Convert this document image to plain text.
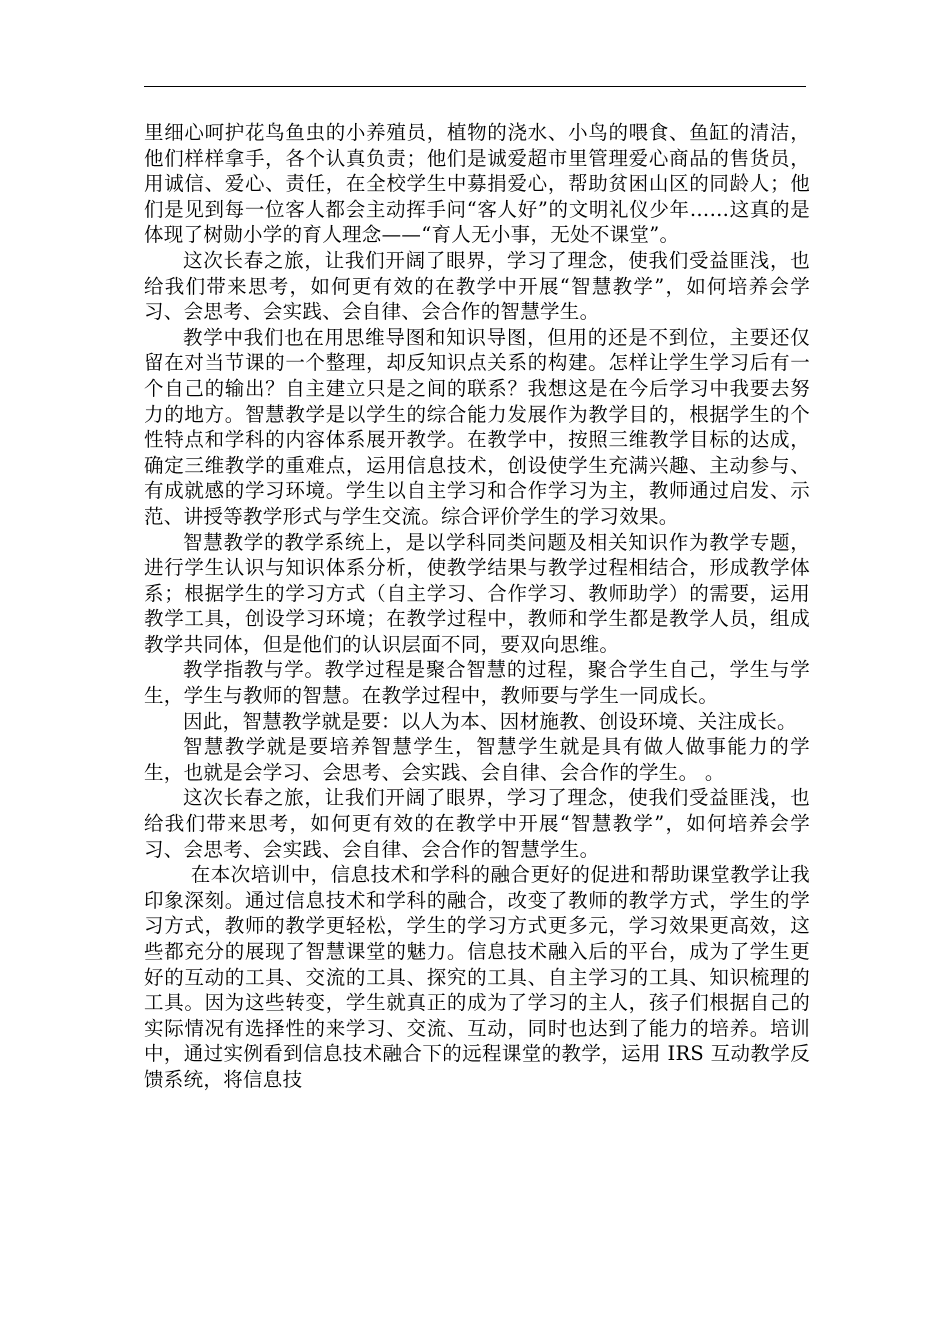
里细心呵护花鸟鱼虫的小养殖员，植物的浇水、小鸟的喂食、鱼缸的清洁，他们样样拿手，各个认真负责；他们是诚爱超市里管理爱心商品的售货员，用诚信、爱心、责任，在全校学生中募捐爱心，帮助贫困山区的同龄人；他们是见到每一位客人都会主动挥手问“客人好”的文明礼仪少年……这真的是体现了树勋小学的育人理念——“育人无小事，无处不课堂”。

这次长春之旅，让我们开阔了眼界，学习了理念，使我们受益匪浅，也给我们带来思考，如何更有效的在教学中开展“智慧教学”，如何培养会学习、会思考、会实践、会自律、会合作的智慧学生。

教学中我们也在用思维导图和知识导图，但用的还是不到位，主要还仅留在对当节课的一个整理，却反知识点关系的构建。怎样让学生学习后有一个自己的输出？自主建立只是之间的联系？我想这是在今后学习中我要去努力的地方。智慧教学是以学生的综合能力发展作为教学目的，根据学生的个性特点和学科的内容体系展开教学。在教学中，按照三维教学目标的达成，确定三维教学的重难点，运用信息技术，创设使学生充满兴趣、主动参与、有成就感的学习环境。学生以自主学习和合作学习为主，教师通过启发、示范、讲授等教学形式与学生交流。综合评价学生的学习效果。

智慧教学的教学系统上，是以学科同类问题及相关知识作为教学专题，进行学生认识与知识体系分析，使教学结果与教学过程相结合，形成教学体系；根据学生的学习方式（自主学习、合作学习、教师助学）的需要，运用教学工具，创设学习环境；在教学过程中，教师和学生都是教学人员，组成教学共同体，但是他们的认识层面不同，要双向思维。

教学指教与学。教学过程是聚合智慧的过程，聚合学生自己，学生与学生，学生与教师的智慧。在教学过程中，教师要与学生一同成长。

因此，智慧教学就是要：以人为本、因材施教、创设环境、关注成长。

智慧教学就是要培养智慧学生，智慧学生就是具有做人做事能力的学生，也就是会学习、会思考、会实践、会自律、会合作的学生。 。

这次长春之旅，让我们开阔了眼界，学习了理念，使我们受益匪浅，也给我们带来思考，如何更有效的在教学中开展“智慧教学”，如何培养会学习、会思考、会实践、会自律、会合作的智慧学生。

在本次培训中，信息技术和学科的融合更好的促进和帮助课堂教学让我印象深刻。通过信息技术和学科的融合，改变了教师的教学方式，学生的学习方式，教师的教学更轻松，学生的学习方式更多元，学习效果更高效，这些都充分的展现了智慧课堂的魅力。信息技术融入后的平台，成为了学生更好的互动的工具、交流的工具、探究的工具、自主学习的工具、知识梳理的工具。因为这些转变，学生就真正的成为了学习的主人，孩子们根据自己的实际情况有选择性的来学习、交流、互动，同时也达到了能力的培养。培训中，通过实例看到信息技术融合下的远程课堂的教学，运用 IRS 互动教学反馈系统，将信息技
